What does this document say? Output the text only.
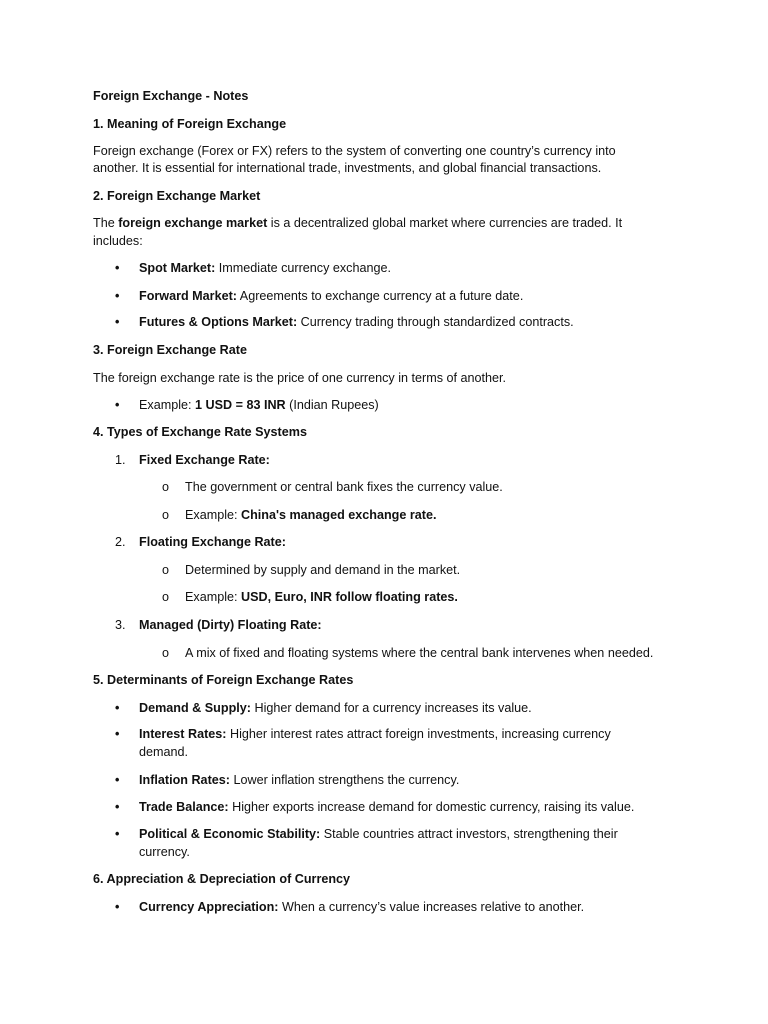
Foreign Exchange - Notes
1. Meaning of Foreign Exchange
Foreign exchange (Forex or FX) refers to the system of converting one country’s currency into
another. It is essential for international trade, investments, and global financial transactions.
2. Foreign Exchange Market
The foreign exchange market is a decentralized global market where currencies are traded. It
includes:
• Spot Market: Immediate currency exchange.
• Forward Market: Agreements to exchange currency at a future date.
• Futures & Options Market: Currency trading through standardized contracts.
3. Foreign Exchange Rate
The foreign exchange rate is the price of one currency in terms of another.
• Example: 1 USD = 83 INR (Indian Rupees)
4. Types of Exchange Rate Systems
1. Fixed Exchange Rate:
o The government or central bank fixes the currency value.
o Example: China's managed exchange rate.
2. Floating Exchange Rate:
o Determined by supply and demand in the market.
o Example: USD, Euro, INR follow floating rates.
3. Managed (Dirty) Floating Rate:
o A mix of fixed and floating systems where the central bank intervenes when needed.
5. Determinants of Foreign Exchange Rates
• Demand & Supply: Higher demand for a currency increases its value.
• Interest Rates: Higher interest rates attract foreign investments, increasing currency
demand.
• Inflation Rates: Lower inflation strengthens the currency.
• Trade Balance: Higher exports increase demand for domestic currency, raising its value.
• Political & Economic Stability: Stable countries attract investors, strengthening their
currency.
6. Appreciation & Depreciation of Currency
• Currency Appreciation: When a currency’s value increases relative to another.
